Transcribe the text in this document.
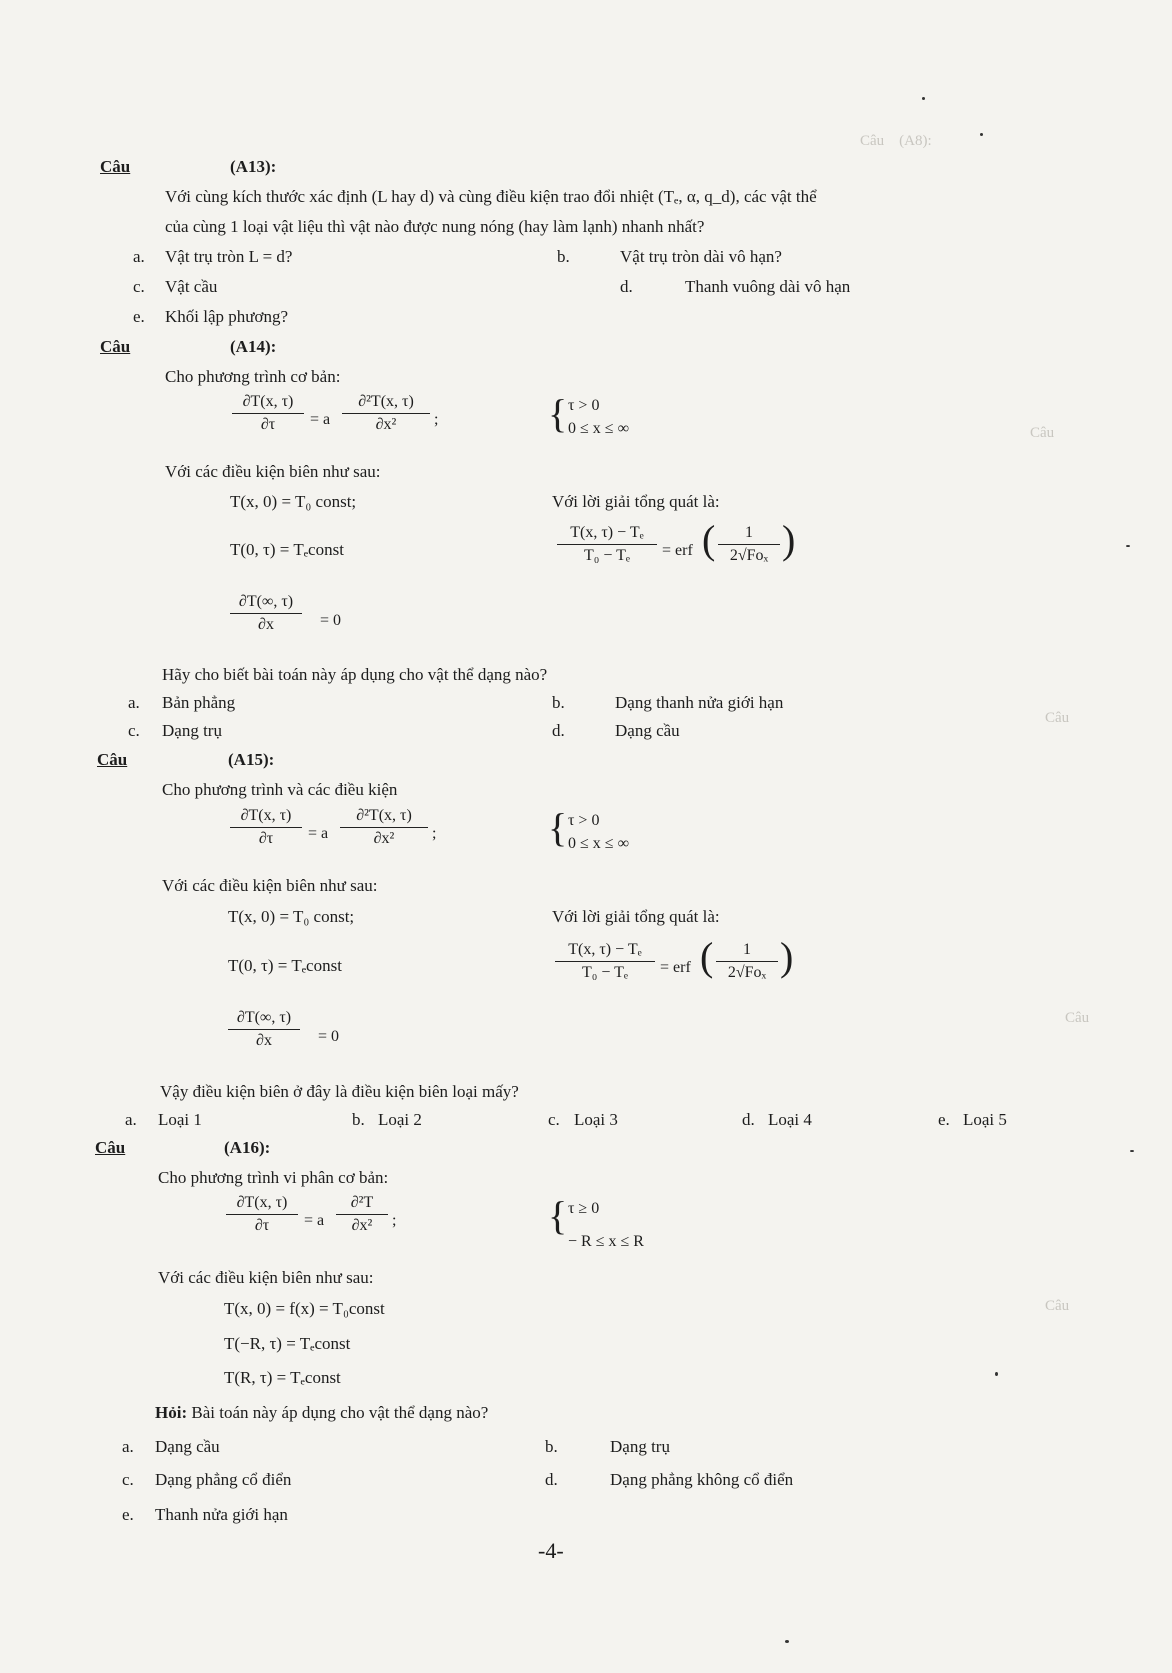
Câu    (A8):
Câu
Câu
Câu
Câu
Câu	(A13):
Với cùng kích thước xác định (L hay d) và cùng điều kiện trao đổi nhiệt (Tₑ, α, q_d), các vật thể
của cùng 1 loại vật liệu thì vật nào được nung nóng (hay làm lạnh) nhanh nhất?
a. Vật trụ tròn L = d?	b.	Vật trụ tròn dài vô hạn?
c. Vật cầu	d.	Thanh vuông dài vô hạn
e. Khối lập phương?
Câu	(A14):
Cho phương trình cơ bản:
∂T(x, τ)
∂τ	= a
∂²T(x, τ)
∂x²	;	{ τ > 0
0 ≤ x ≤ ∞
Với các điều kiện biên như sau:
T(x, 0) = T₀ const;	Với lời giải tổng quát là:
T(0, τ) = Tₑconst
T(x, τ) − Tₑ
T₀ − Tₑ	= erf (	1
2√Foₓ )
∂T(∞, τ)
∂x	= 0
Hãy cho biết bài toán này áp dụng cho vật thể dạng nào?
a. Bản phẳng	b.	Dạng thanh nửa giới hạn
c. Dạng trụ	d.	Dạng cầu
Câu	(A15):
Cho phương trình và các điều kiện
∂T(x, τ)
∂τ	= a
∂²T(x, τ)
∂x²	;	{ τ > 0
0 ≤ x ≤ ∞
Với các điều kiện biên như sau:
T(x, 0) = T₀ const;	Với lời giải tổng quát là:
T(0, τ) = Tₑconst
T(x, τ) − Tₑ
T₀ − Tₑ	= erf (	1
2√Foₓ )
∂T(∞, τ)
∂x	= 0
Vậy điều kiện biên ở đây là điều kiện biên loại mấy?
a. Loại 1	b. Loại 2	c. Loại 3	d. Loại 4	e. Loại 5
Câu	(A16):
Cho phương trình vi phân cơ bản:
∂T(x, τ)
∂τ	= a
∂²T
∂x²	;	{ τ ≥ 0
− R ≤ x ≤ R
Với các điều kiện biên như sau:
T(x, 0) = f(x) = T₀const
T(−R, τ) = Tₑconst
T(R, τ) = Tₑconst
Hỏi: Bài toán này áp dụng cho vật thể dạng nào?
a. Dạng cầu	b.	Dạng trụ
c. Dạng phẳng cổ điển	d.	Dạng phẳng không cổ điển
e. Thanh nửa giới hạn
-4-
